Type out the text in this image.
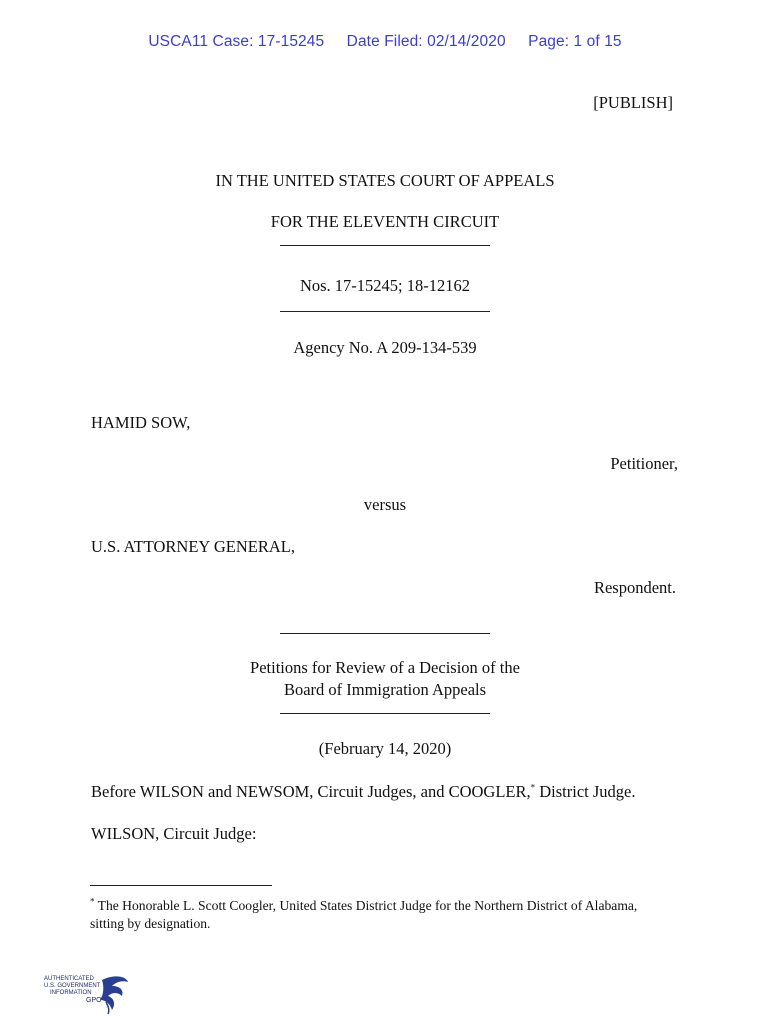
USCA11 Case: 17-15245 Date Filed: 02/14/2020 Page: 1 of 15
[PUBLISH]
IN THE UNITED STATES COURT OF APPEALS
FOR THE ELEVENTH CIRCUIT
Nos. 17-15245; 18-12162
Agency No. A 209-134-539
HAMID SOW,
Petitioner,
versus
U.S. ATTORNEY GENERAL,
Respondent.
Petitions for Review of a Decision of the
Board of Immigration Appeals
(February 14, 2020)
Before WILSON and NEWSOM, Circuit Judges, and COOGLER,* District Judge.
WILSON, Circuit Judge:
* The Honorable L. Scott Coogler, United States District Judge for the Northern District of Alabama, sitting by designation.
AUTHENTICATED
U.S. GOVERNMENT
INFORMATION
GPO
